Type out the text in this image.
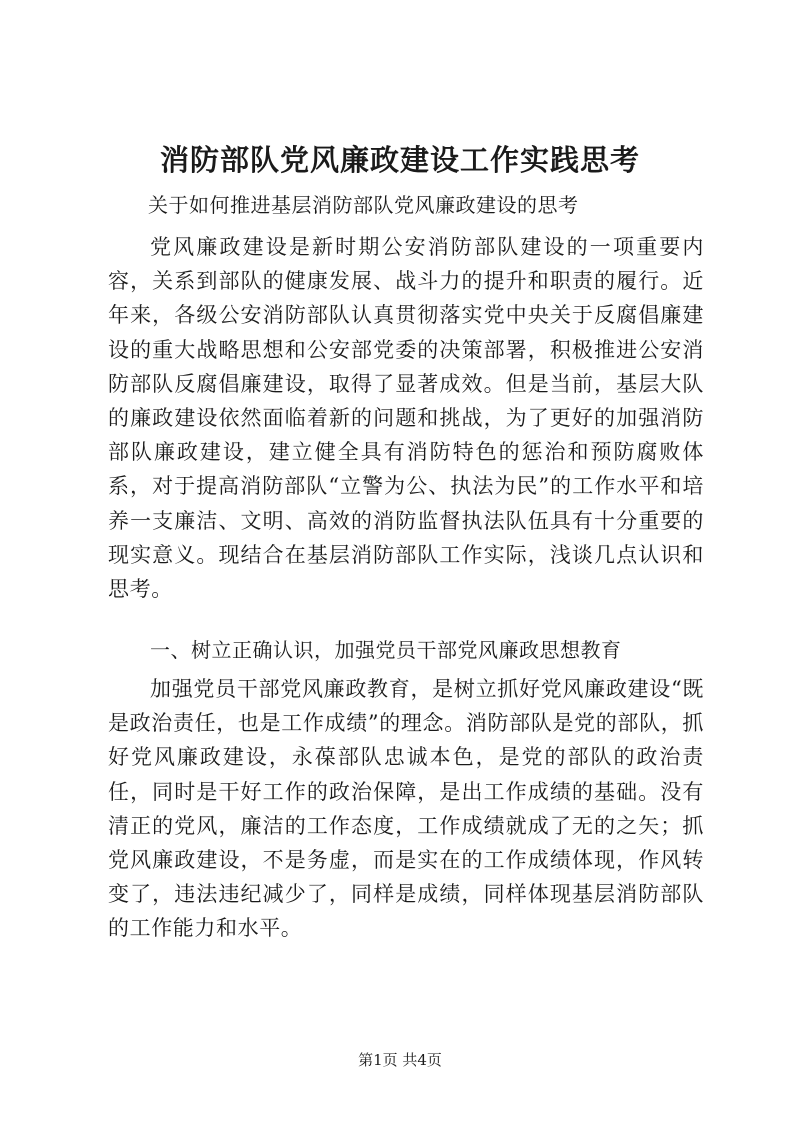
消防部队党风廉政建设工作实践思考
关于如何推进基层消防部队党风廉政建设的思考
党风廉政建设是新时期公安消防部队建设的一项重要内容，关系到部队的健康发展、战斗力的提升和职责的履行。近年来，各级公安消防部队认真贯彻落实党中央关于反腐倡廉建设的重大战略思想和公安部党委的决策部署，积极推进公安消防部队反腐倡廉建设，取得了显著成效。但是当前，基层大队的廉政建设依然面临着新的问题和挑战，为了更好的加强消防部队廉政建设，建立健全具有消防特色的惩治和预防腐败体系，对于提高消防部队“立警为公、执法为民”的工作水平和培养一支廉洁、文明、高效的消防监督执法队伍具有十分重要的现实意义。现结合在基层消防部队工作实际，浅谈几点认识和思考。
一、树立正确认识，加强党员干部党风廉政思想教育
加强党员干部党风廉政教育，是树立抓好党风廉政建设“既是政治责任，也是工作成绩”的理念。消防部队是党的部队，抓好党风廉政建设，永葆部队忠诚本色，是党的部队的政治责任，同时是干好工作的政治保障，是出工作成绩的基础。没有清正的党风，廉洁的工作态度，工作成绩就成了无的之矢；抓党风廉政建设，不是务虚，而是实在的工作成绩体现，作风转变了，违法违纪减少了，同样是成绩，同样体现基层消防部队的工作能力和水平。
第1页 共4页
